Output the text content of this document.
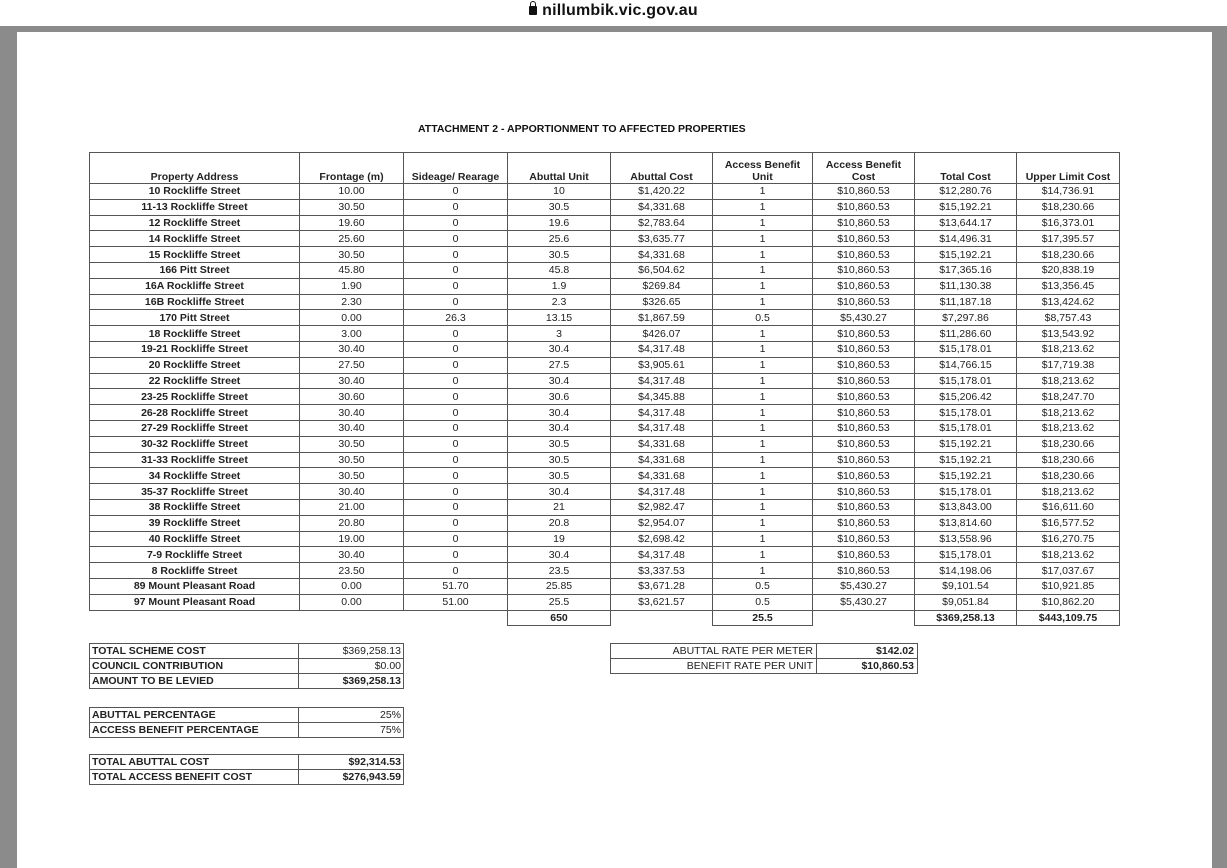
nillumbik.vic.gov.au
ATTACHMENT 2 - APPORTIONMENT TO AFFECTED PROPERTIES
Property Address	Frontage (m)	Sideage/ Rearage	Abuttal Unit	Abuttal Cost	Access Benefit Unit	Access Benefit Cost	Total Cost	Upper Limit Cost
10 Rockliffe Street	10.00	0	10	$1,420.22	1	$10,860.53	$12,280.76	$14,736.91
11-13 Rockliffe Street	30.50	0	30.5	$4,331.68	1	$10,860.53	$15,192.21	$18,230.66
12 Rockliffe Street	19.60	0	19.6	$2,783.64	1	$10,860.53	$13,644.17	$16,373.01
14 Rockliffe Street	25.60	0	25.6	$3,635.77	1	$10,860.53	$14,496.31	$17,395.57
15 Rockliffe Street	30.50	0	30.5	$4,331.68	1	$10,860.53	$15,192.21	$18,230.66
166 Pitt Street	45.80	0	45.8	$6,504.62	1	$10,860.53	$17,365.16	$20,838.19
16A Rockliffe Street	1.90	0	1.9	$269.84	1	$10,860.53	$11,130.38	$13,356.45
16B Rockliffe Street	2.30	0	2.3	$326.65	1	$10,860.53	$11,187.18	$13,424.62
170 Pitt Street	0.00	26.3	13.15	$1,867.59	0.5	$5,430.27	$7,297.86	$8,757.43
18 Rockliffe Street	3.00	0	3	$426.07	1	$10,860.53	$11,286.60	$13,543.92
19-21 Rockliffe Street	30.40	0	30.4	$4,317.48	1	$10,860.53	$15,178.01	$18,213.62
20 Rockliffe Street	27.50	0	27.5	$3,905.61	1	$10,860.53	$14,766.15	$17,719.38
22 Rockliffe Street	30.40	0	30.4	$4,317.48	1	$10,860.53	$15,178.01	$18,213.62
23-25 Rockliffe Street	30.60	0	30.6	$4,345.88	1	$10,860.53	$15,206.42	$18,247.70
26-28 Rockliffe Street	30.40	0	30.4	$4,317.48	1	$10,860.53	$15,178.01	$18,213.62
27-29 Rockliffe Street	30.40	0	30.4	$4,317.48	1	$10,860.53	$15,178.01	$18,213.62
30-32 Rockliffe Street	30.50	0	30.5	$4,331.68	1	$10,860.53	$15,192.21	$18,230.66
31-33 Rockliffe Street	30.50	0	30.5	$4,331.68	1	$10,860.53	$15,192.21	$18,230.66
34 Rockliffe Street	30.50	0	30.5	$4,331.68	1	$10,860.53	$15,192.21	$18,230.66
35-37 Rockliffe Street	30.40	0	30.4	$4,317.48	1	$10,860.53	$15,178.01	$18,213.62
38 Rockliffe Street	21.00	0	21	$2,982.47	1	$10,860.53	$13,843.00	$16,611.60
39 Rockliffe Street	20.80	0	20.8	$2,954.07	1	$10,860.53	$13,814.60	$16,577.52
40 Rockliffe Street	19.00	0	19	$2,698.42	1	$10,860.53	$13,558.96	$16,270.75
7-9 Rockliffe Street	30.40	0	30.4	$4,317.48	1	$10,860.53	$15,178.01	$18,213.62
8 Rockliffe Street	23.50	0	23.5	$3,337.53	1	$10,860.53	$14,198.06	$17,037.67
89 Mount Pleasant Road	0.00	51.70	25.85	$3,671.28	0.5	$5,430.27	$9,101.54	$10,921.85
97 Mount Pleasant Road	0.00	51.00	25.5	$3,621.57	0.5	$5,430.27	$9,051.84	$10,862.20
			650		25.5		$369,258.13	$443,109.75
TOTAL SCHEME COST	$369,258.13
COUNCIL CONTRIBUTION	$0.00
AMOUNT TO BE LEVIED	$369,258.13
ABUTTAL PERCENTAGE	25%
ACCESS BENEFIT PERCENTAGE	75%
TOTAL ABUTTAL COST	$92,314.53
TOTAL ACCESS BENEFIT COST	$276,943.59
ABUTTAL RATE PER METER	$142.02
BENEFIT RATE PER UNIT	$10,860.53
